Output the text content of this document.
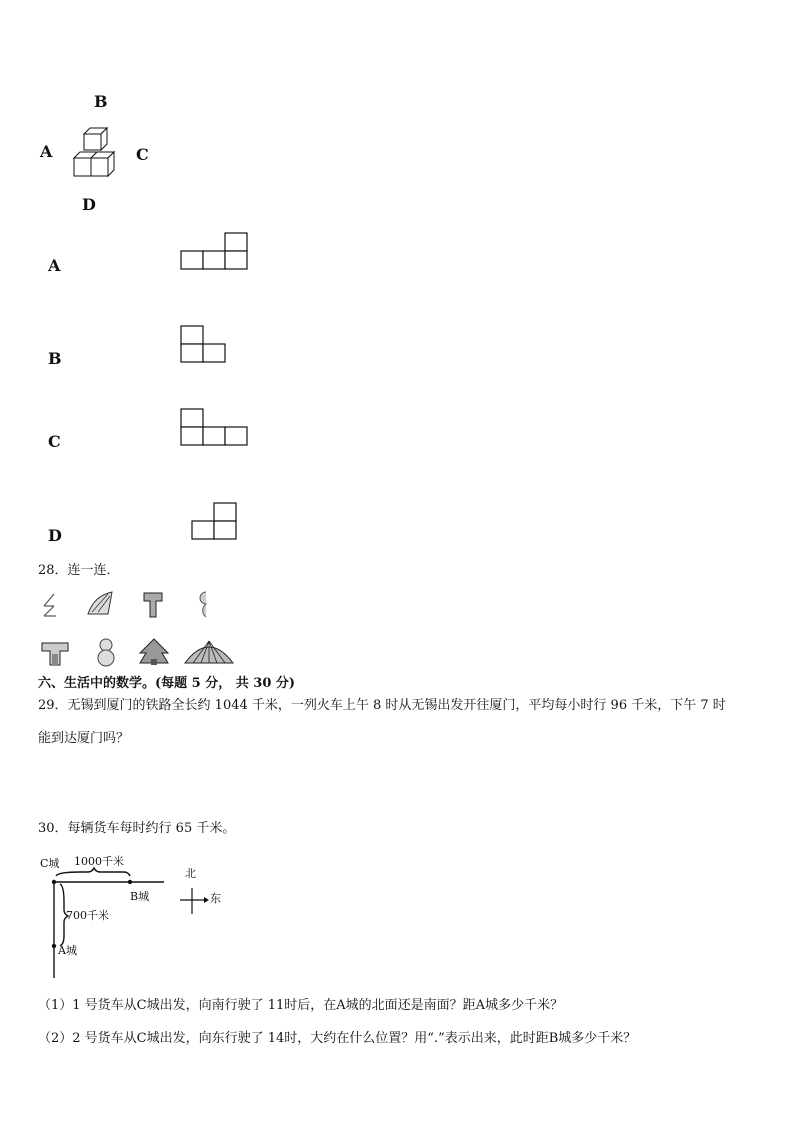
B
A	C
D
A
B
C
D
28．连一连．
六、生活中的数学。(每题 5 分， 共 30 分)
29．无锡到厦门的铁路全长约 1044 千米，一列火车上午 8 时从无锡出发开往厦门，平均每小时行 96 千米，下午 7 时
能到达厦门吗？
30．每辆货车每时约行 65 千米。
C城 1000千米
B城
700千米
A城
北
东
（1）1 号货车从C城出发，向南行驶了 11时后，在A城的北面还是南面？距A城多少千米？
（2）2 号货车从C城出发，向东行驶了 14时，大约在什么位置？用“.”表示出来，此时距B城多少千米？
